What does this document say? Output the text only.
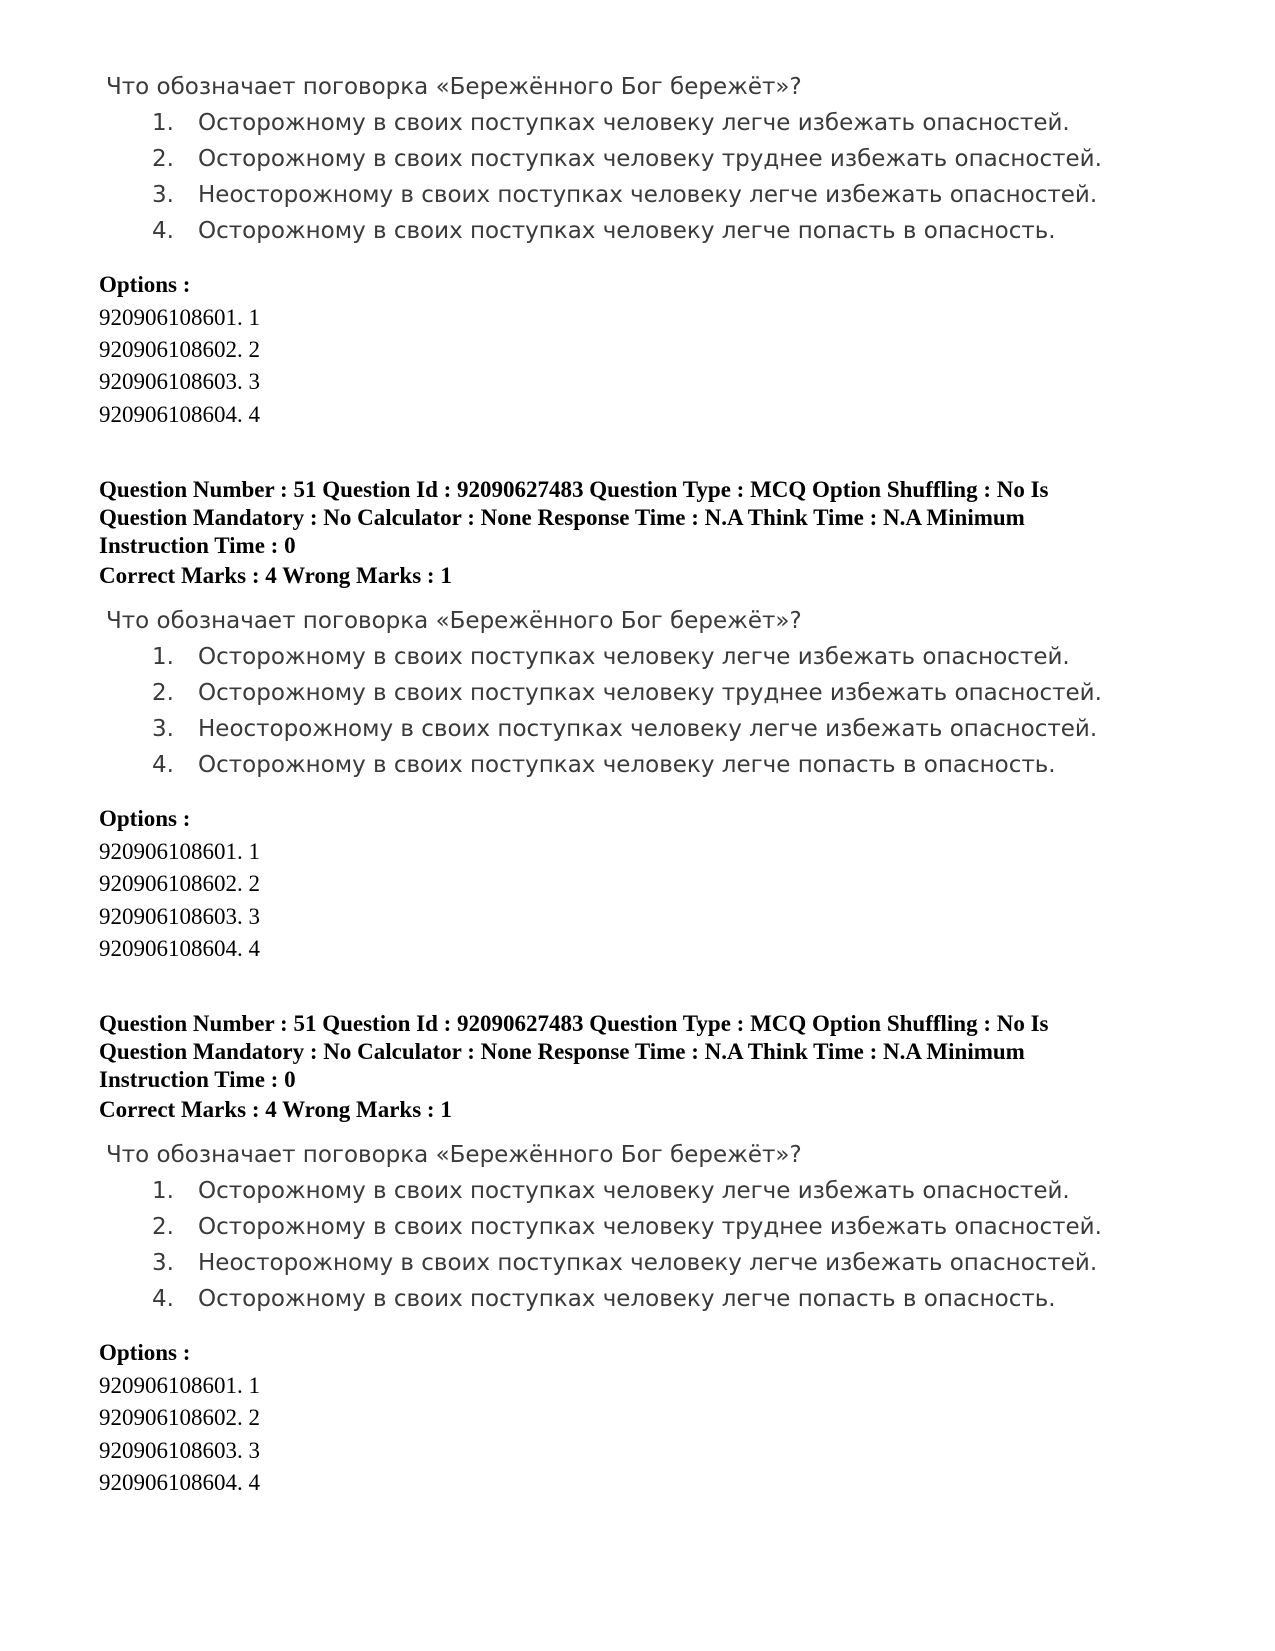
Что обозначает поговорка «Бережённого Бог бережёт»?
1. Осторожному в своих поступках человеку легче избежать опасностей.
2. Осторожному в своих поступках человеку труднее избежать опасностей.
3. Неосторожному в своих поступках человеку легче избежать опасностей.
4. Осторожному в своих поступках человеку легче попасть в опасность.
Options :
920906108601. 1
920906108602. 2
920906108603. 3
920906108604. 4
Question Number : 51 Question Id : 92090627483 Question Type : MCQ Option Shuffling : No Is
Question Mandatory : No Calculator : None Response Time : N.A Think Time : N.A Minimum
Instruction Time : 0
Correct Marks : 4 Wrong Marks : 1
Что обозначает поговорка «Бережённого Бог бережёт»?
1. Осторожному в своих поступках человеку легче избежать опасностей.
2. Осторожному в своих поступках человеку труднее избежать опасностей.
3. Неосторожному в своих поступках человеку легче избежать опасностей.
4. Осторожному в своих поступках человеку легче попасть в опасность.
Options :
920906108601. 1
920906108602. 2
920906108603. 3
920906108604. 4
Question Number : 51 Question Id : 92090627483 Question Type : MCQ Option Shuffling : No Is
Question Mandatory : No Calculator : None Response Time : N.A Think Time : N.A Minimum
Instruction Time : 0
Correct Marks : 4 Wrong Marks : 1
Что обозначает поговорка «Бережённого Бог бережёт»?
1. Осторожному в своих поступках человеку легче избежать опасностей.
2. Осторожному в своих поступках человеку труднее избежать опасностей.
3. Неосторожному в своих поступках человеку легче избежать опасностей.
4. Осторожному в своих поступках человеку легче попасть в опасность.
Options :
920906108601. 1
920906108602. 2
920906108603. 3
920906108604. 4
